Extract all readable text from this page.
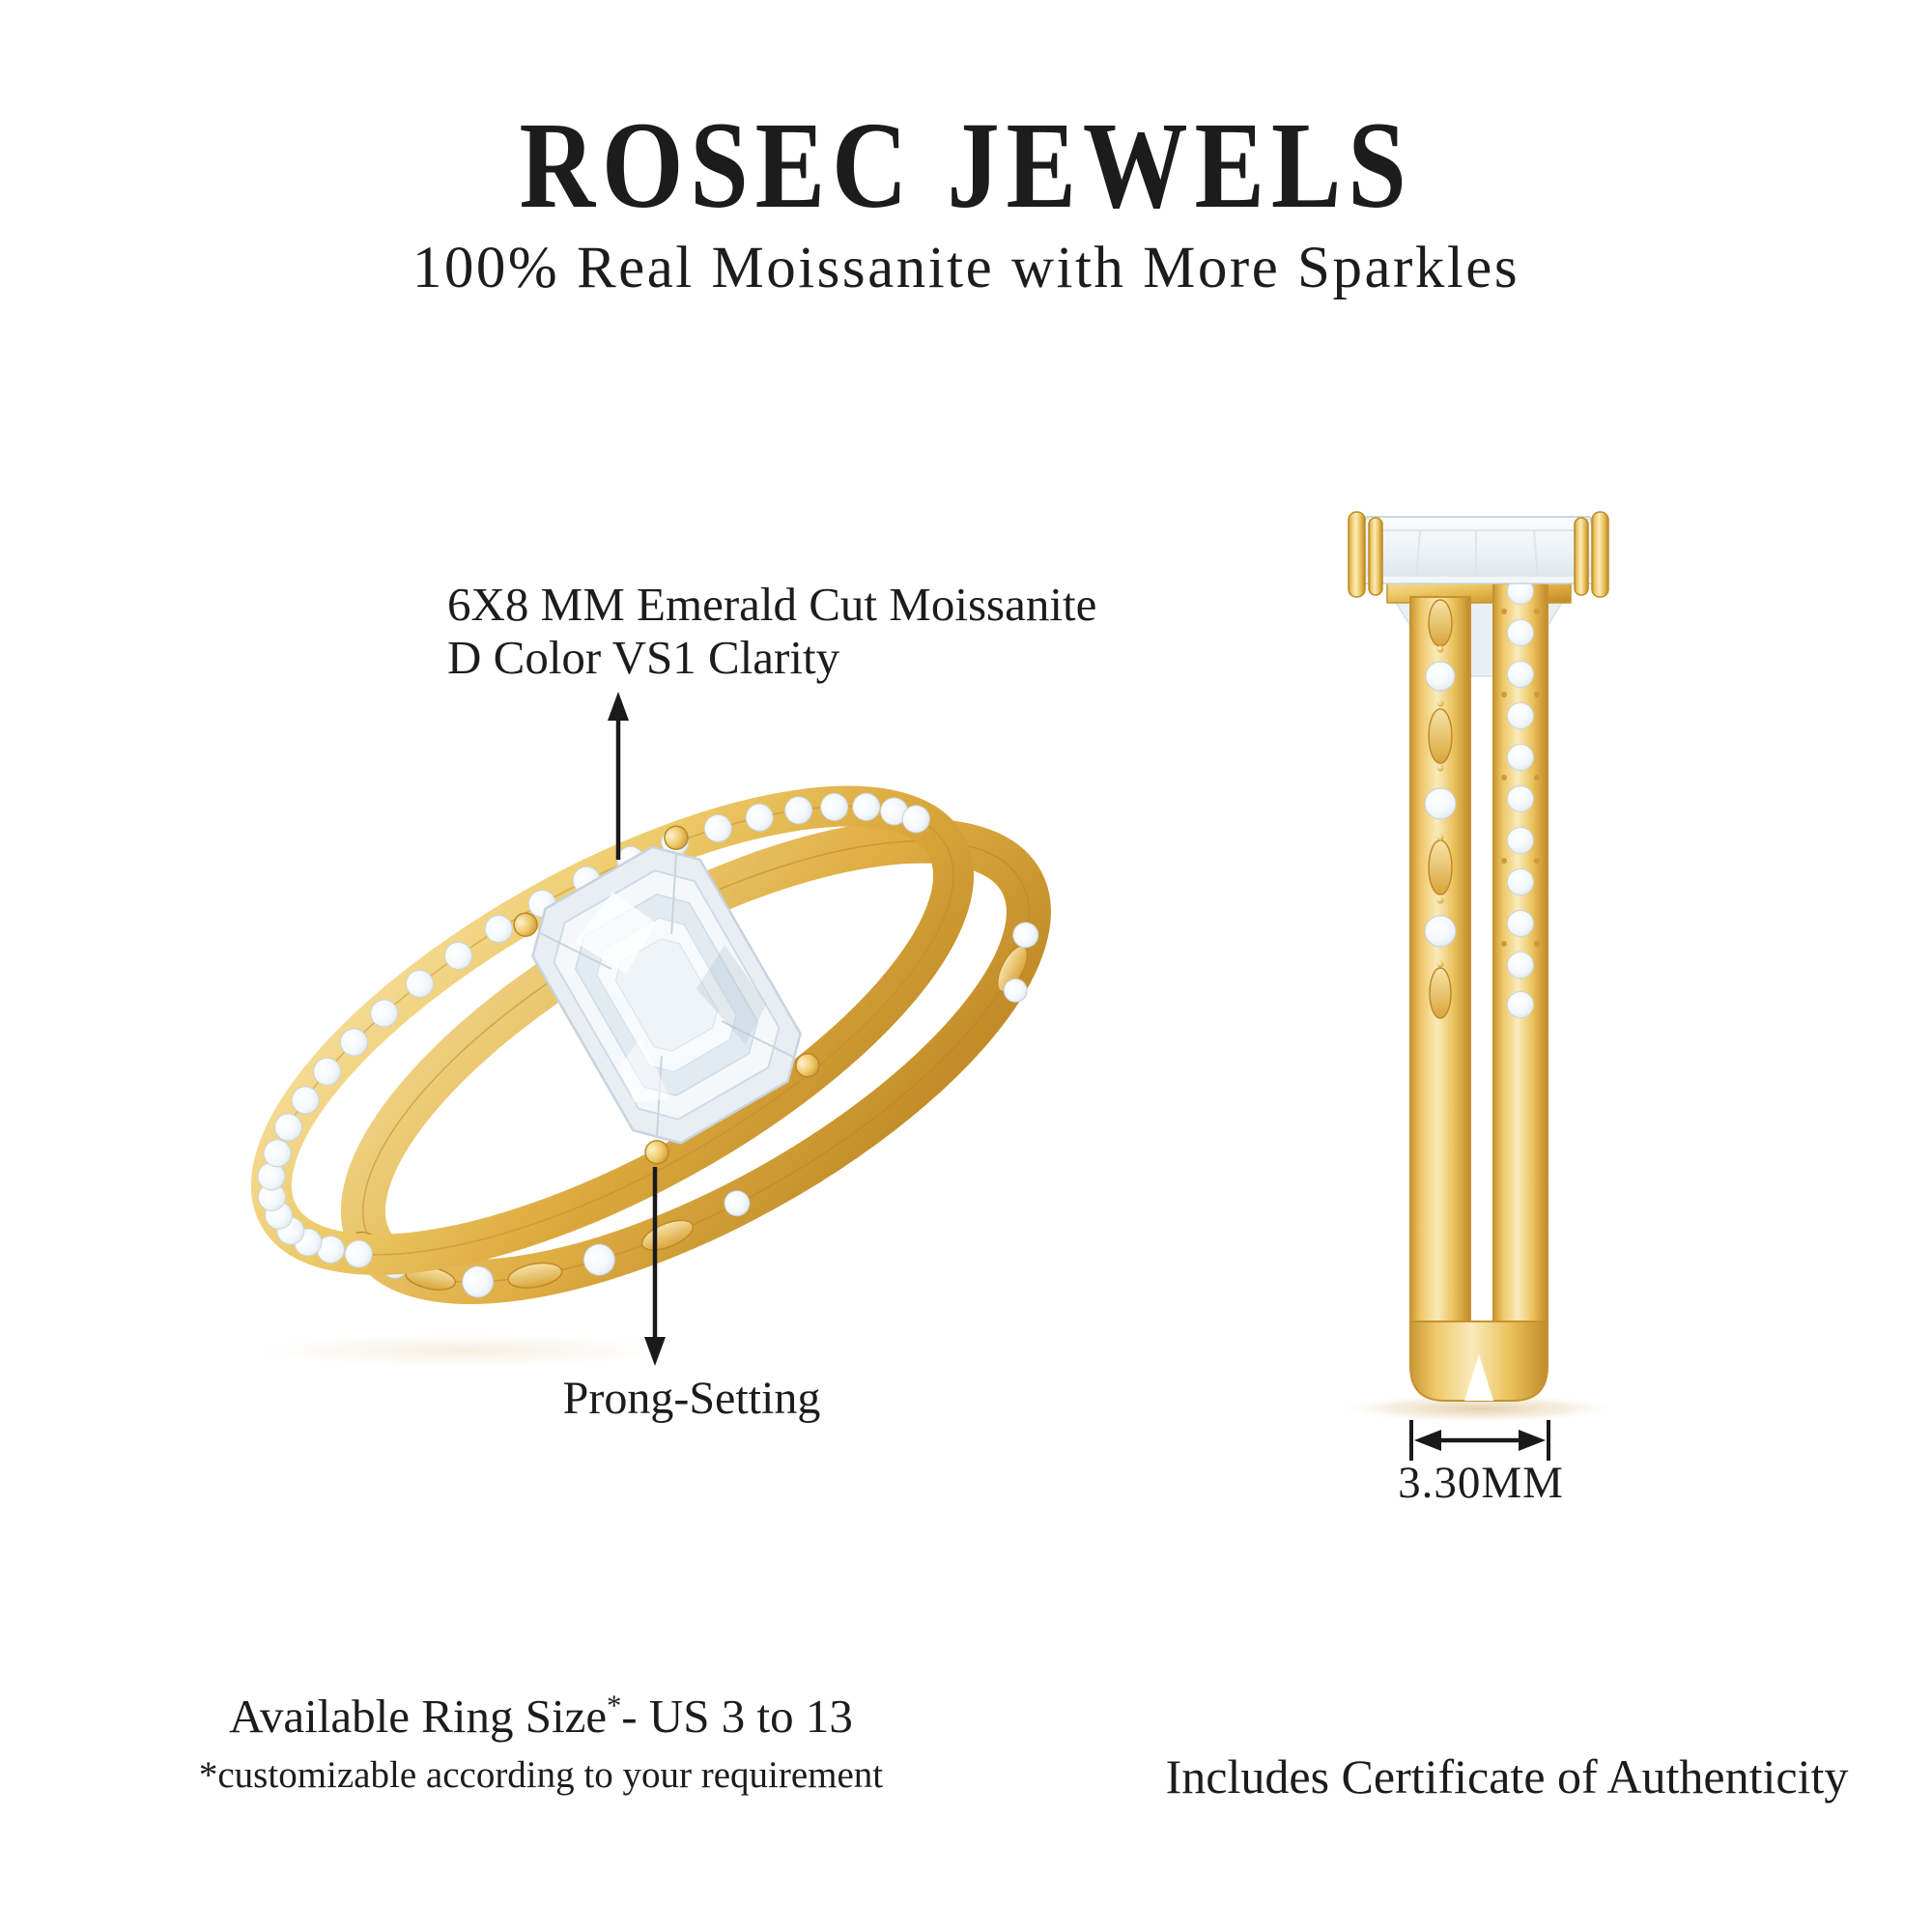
ROSEC JEWELS
100% Real Moissanite with More Sparkles
6X8 MM Emerald Cut Moissanite
D Color VS1 Clarity
Prong-Setting
3.30MM
Available Ring Size*- US 3 to 13
*customizable according to your requirement	Includes Certificate of Authenticity
